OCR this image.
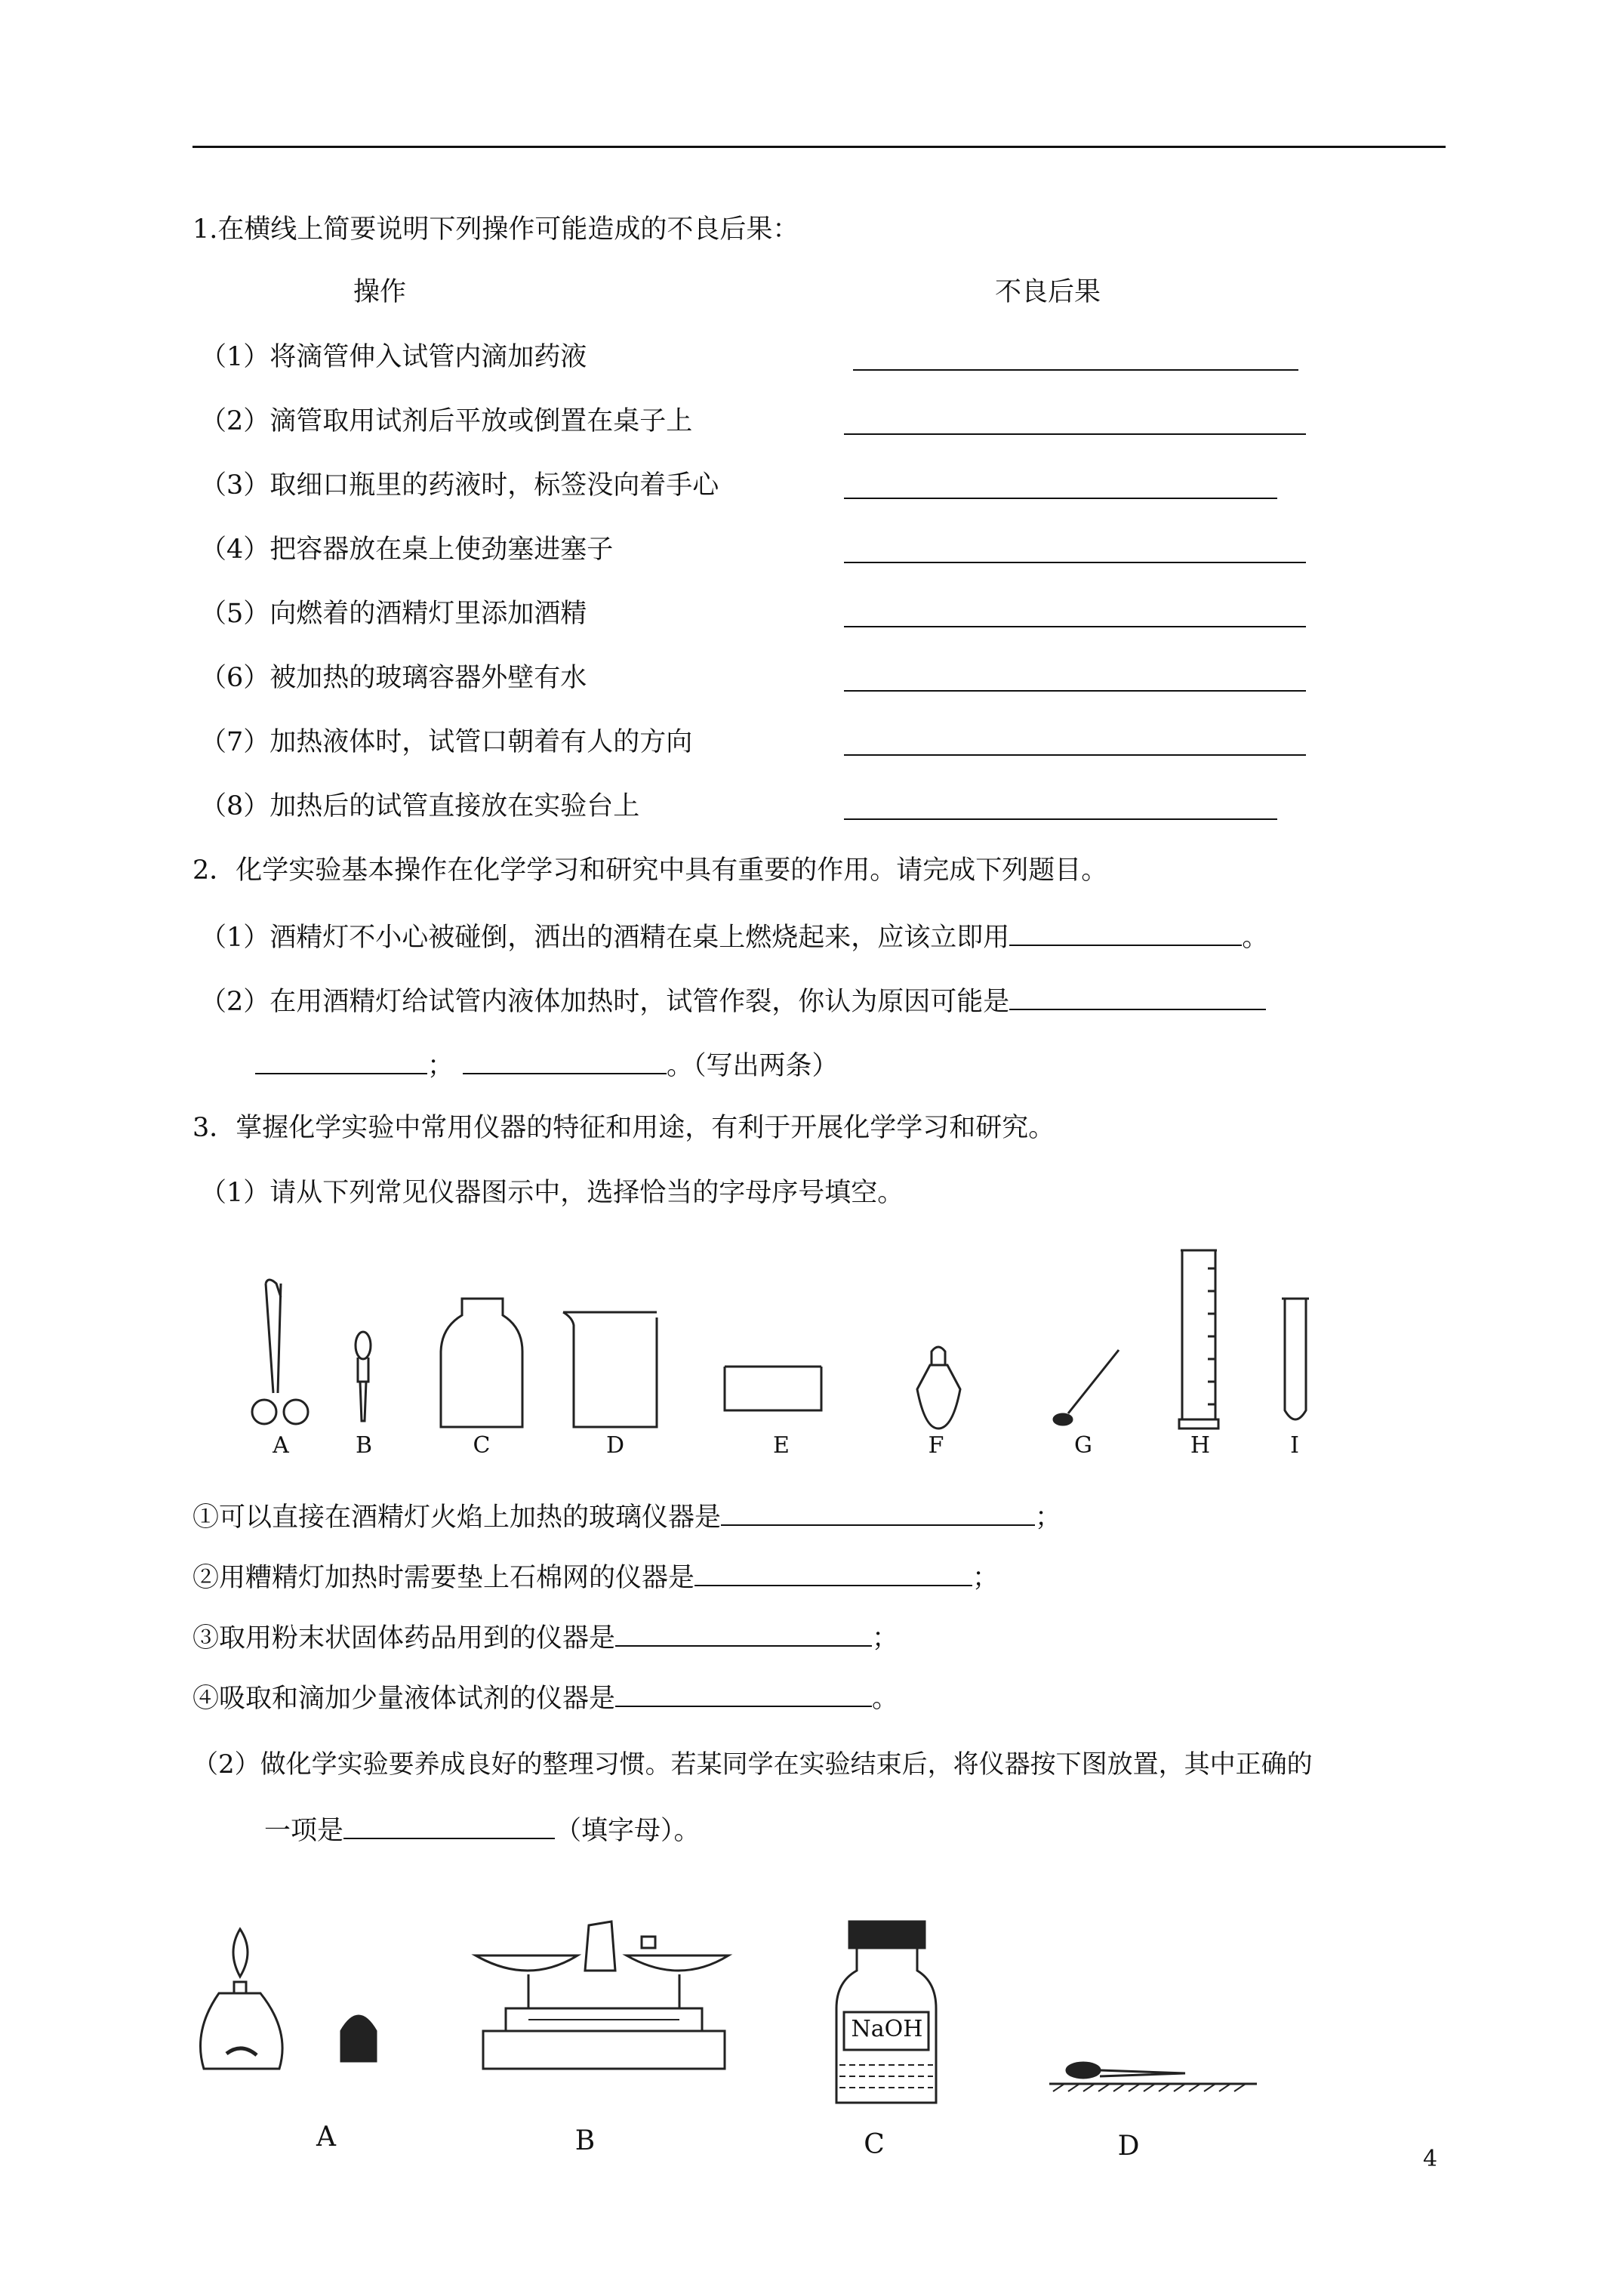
1.在横线上简要说明下列操作可能造成的不良后果：
操作	不良后果
（1）将滴管伸入试管内滴加药液
（2）滴管取用试剂后平放或倒置在桌子上
（3）取细口瓶里的药液时，标签没向着手心
（4）把容器放在桌上使劲塞进塞子
（5）向燃着的酒精灯里添加酒精
（6）被加热的玻璃容器外壁有水
（7）加热液体时，试管口朝着有人的方向
（8）加热后的试管直接放在实验台上
2．化学实验基本操作在化学学习和研究中具有重要的作用。请完成下列题目。
（1）酒精灯不小心被碰倒，洒出的酒精在桌上燃烧起来，应该立即用	。
（2）在用酒精灯给试管内液体加热时，试管作裂，你认为原因可能是
；	。（写出两条）
3．掌握化学实验中常用仪器的特征和用途，有利于开展化学学习和研究。
（1）请从下列常见仪器图示中，选择恰当的字母序号填空。
A	B	C	D	E	F	G	H	I
①可以直接在酒精灯火焰上加热的玻璃仪器是	；
②用糟精灯加热时需要垫上石棉网的仪器是	；
③取用粉末状固体药品用到的仪器是	；
④吸取和滴加少量液体试剂的仪器是	。
（2）做化学实验要养成良好的整理习惯。若某同学在实验结束后，将仪器按下图放置，其中正确的
一项是	（填字母）。
NaOH
A	B	C	D	4
